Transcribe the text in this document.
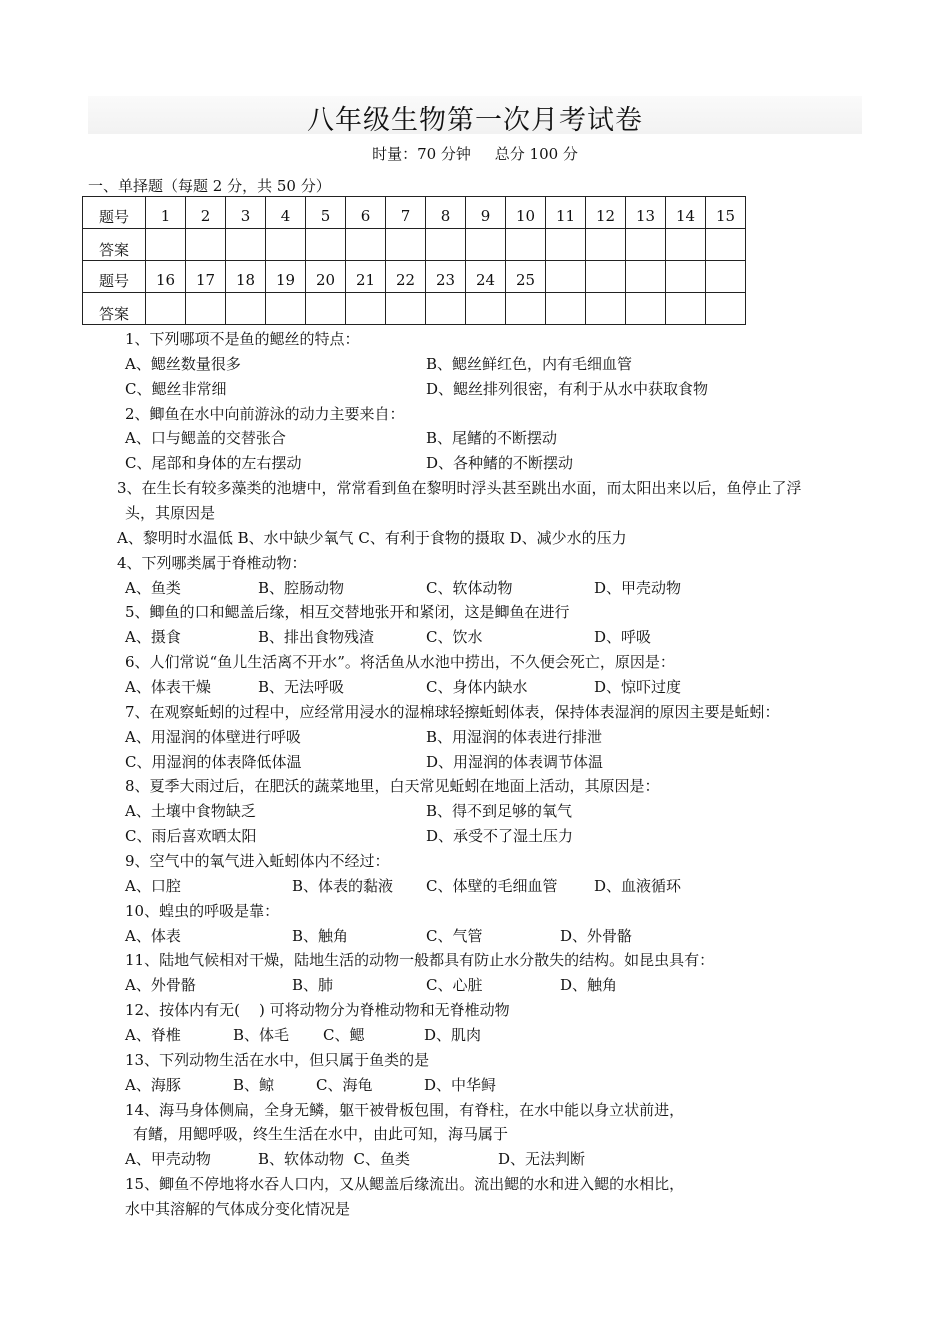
八年级生物第一次月考试卷
时量：70 分钟     总分 100 分
一、单择题（每题 2 分，共 50 分）
题号	1	2	3	4	5	6	7	8	9	10	11	12	13	14	15
答案															
题号	16	17	18	19	20	21	22	23	24	25					
答案															
1、下列哪项不是鱼的鳃丝的特点：
A、鳃丝数量很多	B、鳃丝鲜红色，内有毛细血管
C、鳃丝非常细	D、鳃丝排列很密，有利于从水中获取食物
2、鲫鱼在水中向前游泳的动力主要来自：
A、口与鳃盖的交替张合	B、尾鳍的不断摆动
C、尾部和身体的左右摆动	D、各种鳍的不断摆动
3、在生长有较多藻类的池塘中，常常看到鱼在黎明时浮头甚至跳出水面，而太阳出来以后，鱼停止了浮
头，其原因是
A、黎明时水温低 B、水中缺少氧气 C、有利于食物的摄取 D、减少水的压力
4、下列哪类属于脊椎动物：
A、鱼类	B、腔肠动物	C、软体动物	D、甲壳动物
5、鲫鱼的口和鳃盖后缘，相互交替地张开和紧闭，这是鲫鱼在进行
A、摄食	B、排出食物残渣	C、饮水	D、呼吸
6、人们常说“鱼儿生活离不开水”。将活鱼从水池中捞出，不久便会死亡，原因是：
A、体表干燥	B、无法呼吸	C、身体内缺水	D、惊吓过度
7、在观察蚯蚓的过程中，应经常用浸水的湿棉球轻擦蚯蚓体表，保持体表湿润的原因主要是蚯蚓：
A、用湿润的体壁进行呼吸	B、用湿润的体表进行排泄
C、用湿润的体表降低体温	D、用湿润的体表调节体温
8、夏季大雨过后，在肥沃的蔬菜地里，白天常见蚯蚓在地面上活动，其原因是：
A、土壤中食物缺乏	B、得不到足够的氧气
C、雨后喜欢晒太阳	D、承受不了湿土压力
9、空气中的氧气进入蚯蚓体内不经过：
A、口腔	B、体表的黏液 C、体壁的毛细血管 D、血液循环
10、蝗虫的呼吸是靠：
A、体表	B、触角	C、气管	D、外骨骼
11、陆地气候相对干燥，陆地生活的动物一般都具有防止水分散失的结构。如昆虫具有：
A、外骨骼	B、肺	C、心脏	D、触角
12、按体内有无(    ) 可将动物分为脊椎动物和无脊椎动物
A、脊椎	B、体毛 C、鳃	D、肌肉
13、下列动物生活在水中，但只属于鱼类的是
A、海豚	B、鲸	C、海龟	D、中华鲟
14、海马身体侧扁，全身无鳞，躯干被骨板包围，有脊柱，在水中能以身立状前进，
有鳍，用鳃呼吸，终生生活在水中，由此可知，海马属于
A、甲壳动物	B、软体动物  C、鱼类	D、无法判断
15、鲫鱼不停地将水吞人口内，又从鳃盖后缘流出。流出鳃的水和进入鳃的水相比，
水中其溶解的气体成分变化情况是
